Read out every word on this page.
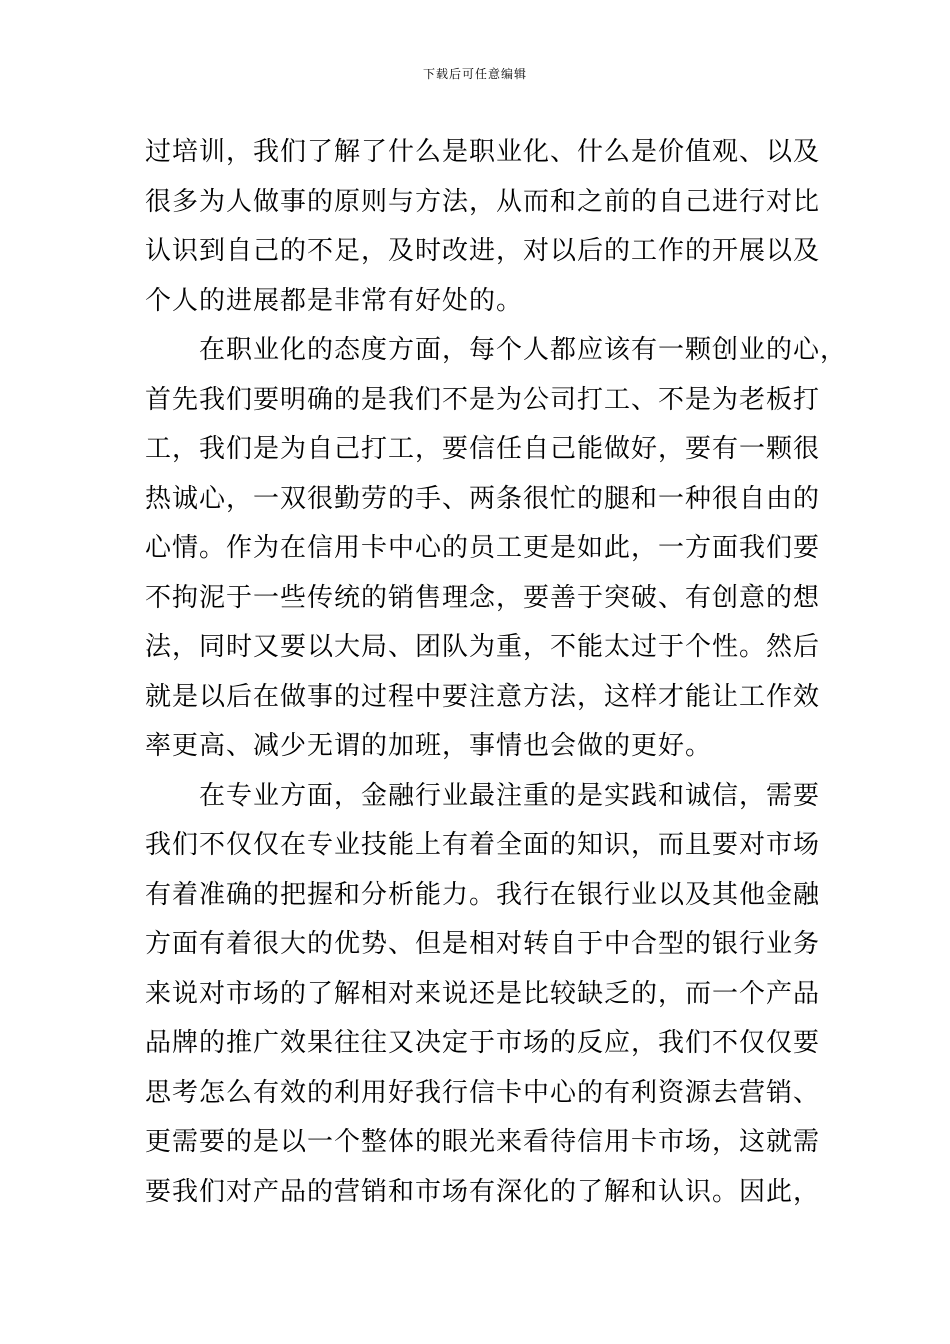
下载后可任意编辑
过培训，我们了解了什么是职业化、什么是价值观、以及
很多为人做事的原则与方法，从而和之前的自己进行对比
认识到自己的不足，及时改进，对以后的工作的开展以及
个人的进展都是非常有好处的。
在职业化的态度方面，每个人都应该有一颗创业的心，
首先我们要明确的是我们不是为公司打工、不是为老板打
工，我们是为自己打工，要信任自己能做好，要有一颗很
热诚心，一双很勤劳的手、两条很忙的腿和一种很自由的
心情。作为在信用卡中心的员工更是如此，一方面我们要
不拘泥于一些传统的销售理念，要善于突破、有创意的想
法，同时又要以大局、团队为重，不能太过于个性。然后
就是以后在做事的过程中要注意方法，这样才能让工作效
率更高、减少无谓的加班，事情也会做的更好。
在专业方面，金融行业最注重的是实践和诚信，需要
我们不仅仅在专业技能上有着全面的知识，而且要对市场
有着准确的把握和分析能力。我行在银行业以及其他金融
方面有着很大的优势、但是相对转自于中合型的银行业务
来说对市场的了解相对来说还是比较缺乏的，而一个产品
品牌的推广效果往往又决定于市场的反应，我们不仅仅要
思考怎么有效的利用好我行信卡中心的有利资源去营销、
更需要的是以一个整体的眼光来看待信用卡市场，这就需
要我们对产品的营销和市场有深化的了解和认识。因此，
